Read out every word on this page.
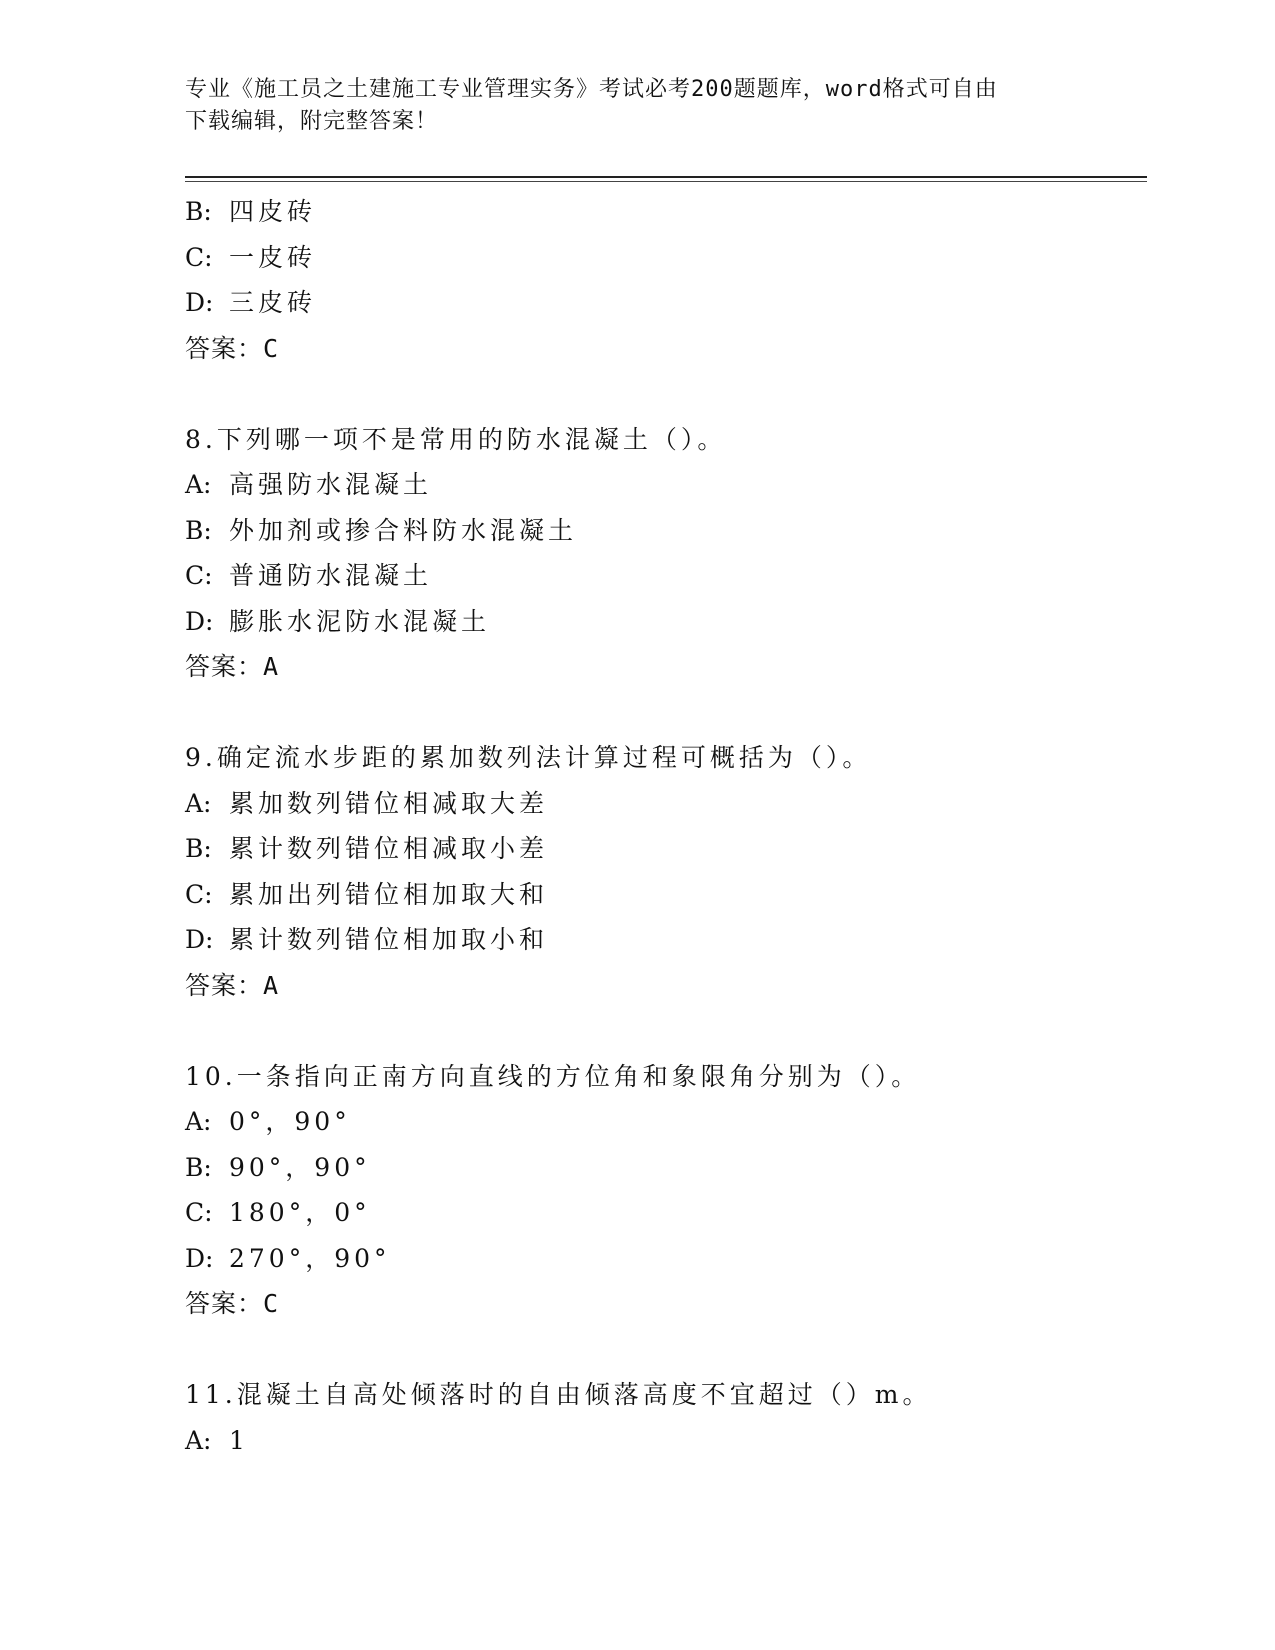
专业《施工员之土建施工专业管理实务》考试必考200题题库，word格式可自由
下载编辑，附完整答案！
B: 四皮砖
C: 一皮砖
D: 三皮砖
答案：C
8.下列哪一项不是常用的防水混凝土（）。
A: 高强防水混凝土
B: 外加剂或掺合料防水混凝土
C: 普通防水混凝土
D: 膨胀水泥防水混凝土
答案：A
9.确定流水步距的累加数列法计算过程可概括为（）。
A: 累加数列错位相减取大差
B: 累计数列错位相减取小差
C: 累加出列错位相加取大和
D: 累计数列错位相加取小和
答案：A
10.一条指向正南方向直线的方位角和象限角分别为（）。
A: 0°，90°
B: 90°，90°
C: 180°，0°
D: 270°，90°
答案：C
11.混凝土自高处倾落时的自由倾落高度不宜超过（）m。
A: 1
